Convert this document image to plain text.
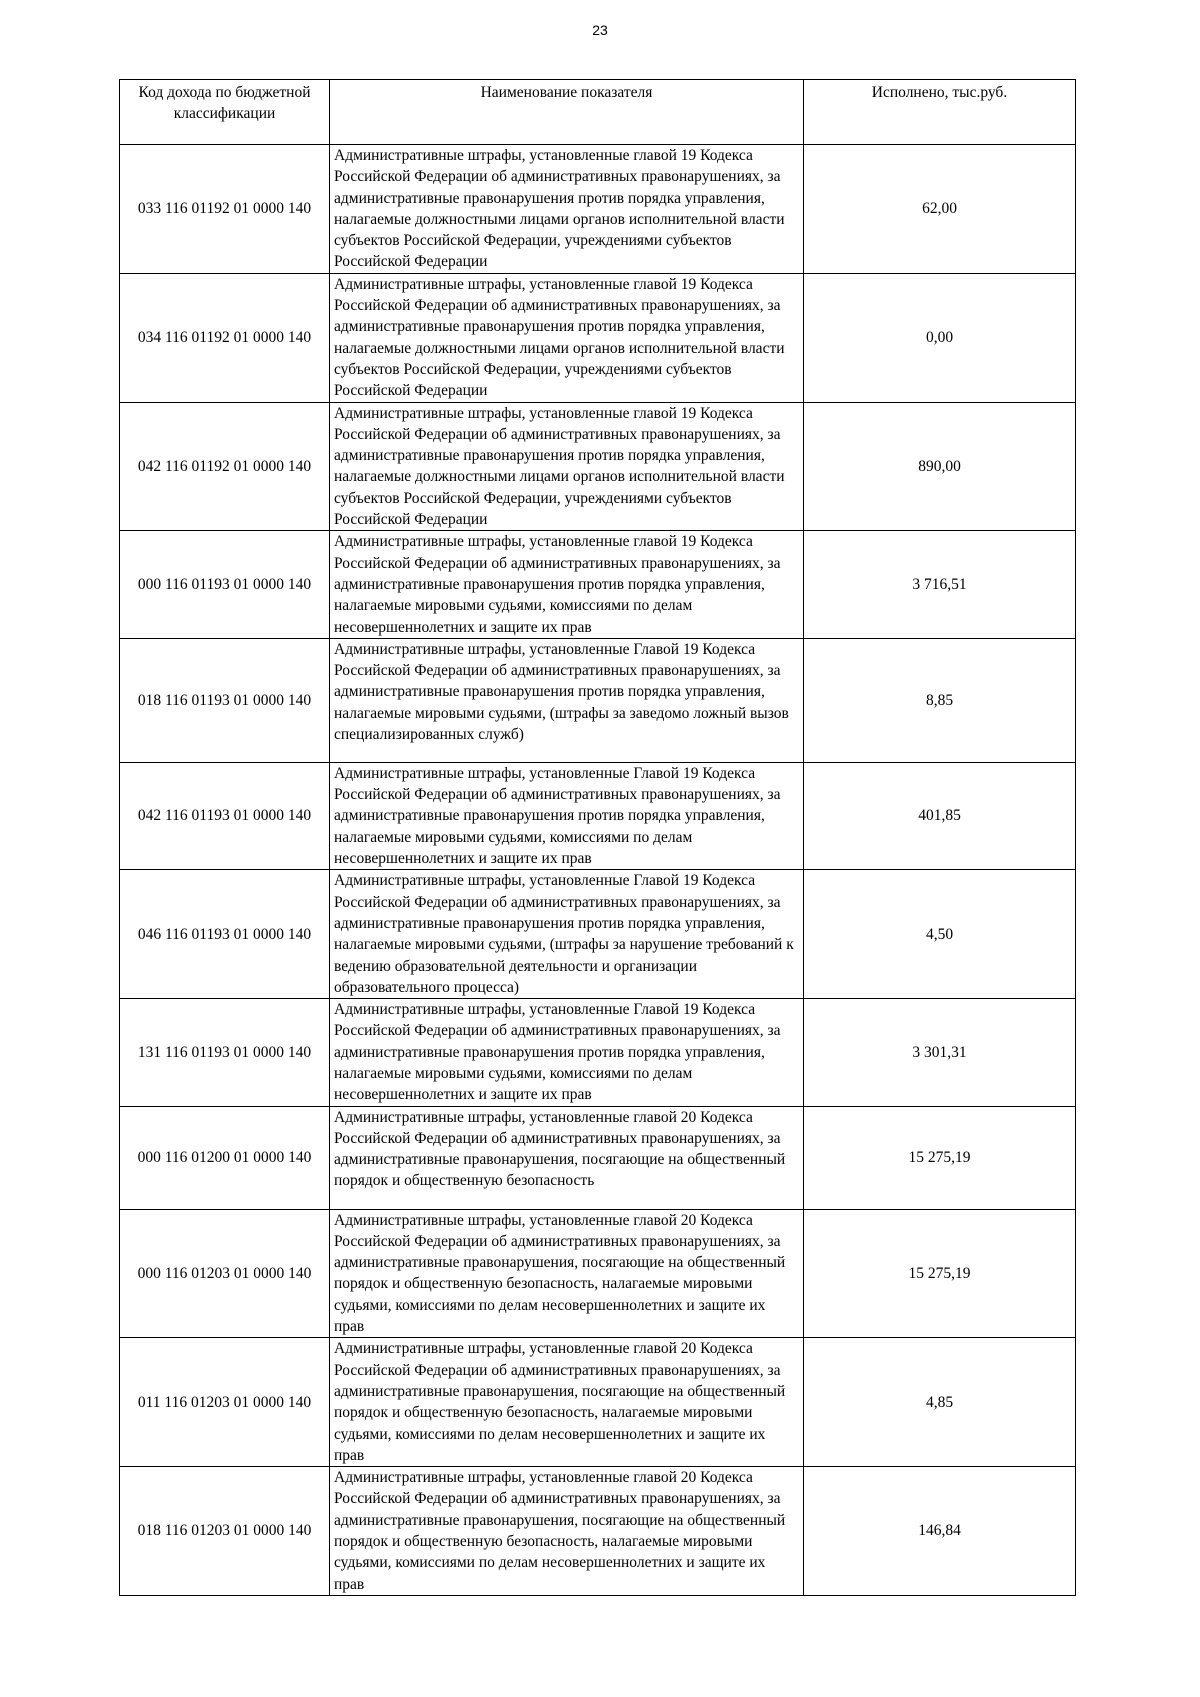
23
Код дохода по бюджетной классификации	Наименование показателя	Исполнено, тыс.руб.
033 116 01192 01 0000 140	Административные штрафы, установленные главой 19 Кодекса Российской Федерации об административных правонарушениях, за административные правонарушения против порядка управления, налагаемые должностными лицами органов исполнительной власти субъектов Российской Федерации, учреждениями субъектов Российской Федерации	62,00
034 116 01192 01 0000 140	Административные штрафы, установленные главой 19 Кодекса Российской Федерации об административных правонарушениях, за административные правонарушения против порядка управления, налагаемые должностными лицами органов исполнительной власти субъектов Российской Федерации, учреждениями субъектов Российской Федерации	0,00
042 116 01192 01 0000 140	Административные штрафы, установленные главой 19 Кодекса Российской Федерации об административных правонарушениях, за административные правонарушения против порядка управления, налагаемые должностными лицами органов исполнительной власти субъектов Российской Федерации, учреждениями субъектов Российской Федерации	890,00
000 116 01193 01 0000 140	Административные штрафы, установленные главой 19 Кодекса Российской Федерации об административных правонарушениях, за административные правонарушения против порядка управления, налагаемые мировыми судьями, комиссиями по делам несовершеннолетних и защите их прав	3 716,51
018 116 01193 01 0000 140	Административные штрафы, установленные Главой 19 Кодекса Российской Федерации об административных правонарушениях, за административные правонарушения против порядка управления, налагаемые мировыми судьями, (штрафы за заведомо ложный вызов специализированных служб)	8,85
042 116 01193 01 0000 140	Административные штрафы, установленные Главой 19 Кодекса Российской Федерации об административных правонарушениях, за административные правонарушения против порядка управления, налагаемые мировыми судьями, комиссиями по делам несовершеннолетних и защите их прав	401,85
046 116 01193 01 0000 140	Административные штрафы, установленные Главой 19 Кодекса Российской Федерации об административных правонарушениях, за административные правонарушения против порядка управления, налагаемые мировыми судьями, (штрафы за нарушение требований к ведению образовательной деятельности и организации образовательного процесса)	4,50
131 116 01193 01 0000 140	Административные штрафы, установленные Главой 19 Кодекса Российской Федерации об административных правонарушениях, за административные правонарушения против порядка управления, налагаемые мировыми судьями, комиссиями по делам несовершеннолетних и защите их прав	3 301,31
000 116 01200 01 0000 140	Административные штрафы, установленные главой 20 Кодекса Российской Федерации об административных правонарушениях, за административные правонарушения, посягающие на общественный порядок и общественную безопасность	15 275,19
000 116 01203 01 0000 140	Административные штрафы, установленные главой 20 Кодекса Российской Федерации об административных правонарушениях, за административные правонарушения, посягающие на общественный порядок и общественную безопасность, налагаемые мировыми судьями, комиссиями по делам несовершеннолетних и защите их прав	15 275,19
011 116 01203 01 0000 140	Административные штрафы, установленные главой 20 Кодекса Российской Федерации об административных правонарушениях, за административные правонарушения, посягающие на общественный порядок и общественную безопасность, налагаемые мировыми судьями, комиссиями по делам несовершеннолетних и защите их прав	4,85
018 116 01203 01 0000 140	Административные штрафы, установленные главой 20 Кодекса Российской Федерации об административных правонарушениях, за административные правонарушения, посягающие на общественный порядок и общественную безопасность, налагаемые мировыми судьями, комиссиями по делам несовершеннолетних и защите их прав	146,84
